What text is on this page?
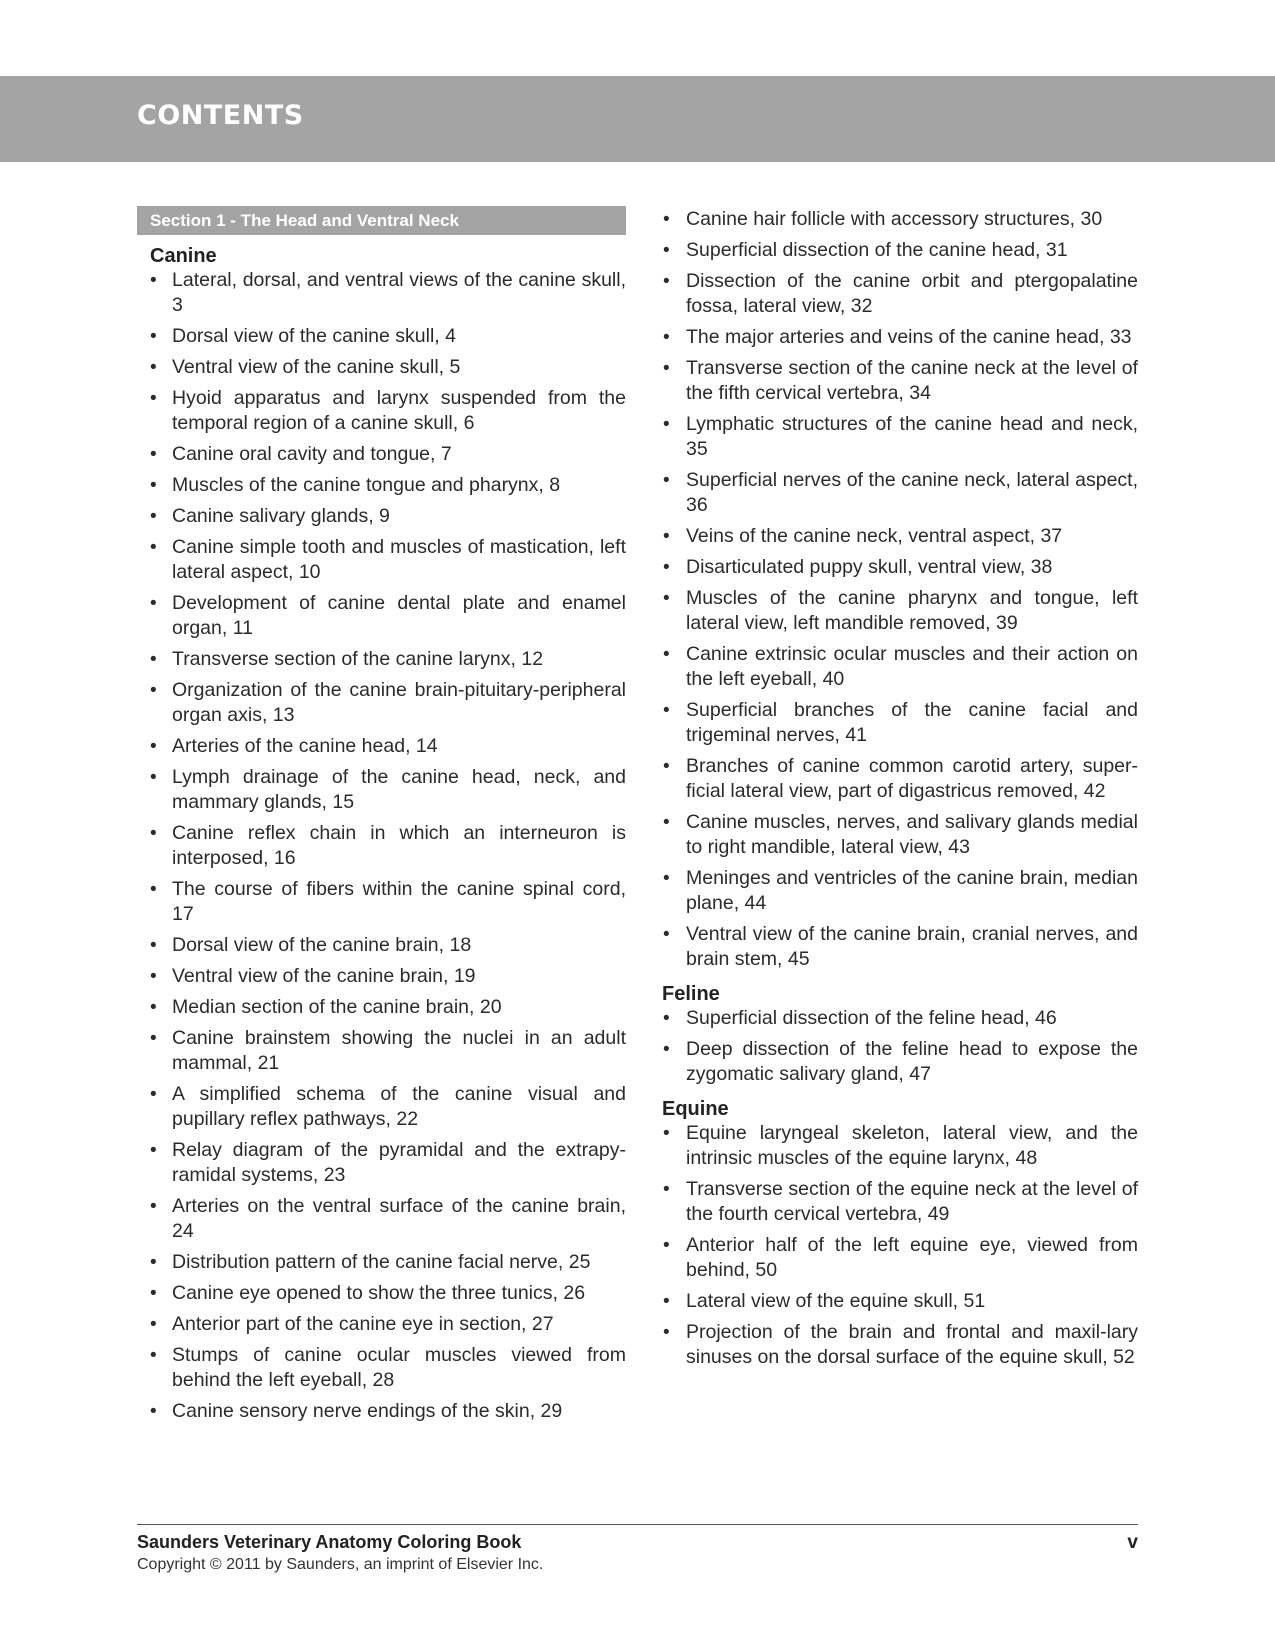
CONTENTS
Section 1 - The Head and Ventral Neck
Canine
• Lateral, dorsal, and ventral views of the canine skull, 3
• Dorsal view of the canine skull, 4
• Ventral view of the canine skull, 5
• Hyoid apparatus and larynx suspended from the temporal region of a canine skull, 6
• Canine oral cavity and tongue, 7
• Muscles of the canine tongue and pharynx, 8
• Canine salivary glands, 9
• Canine simple tooth and muscles of mastication, left lateral aspect, 10
• Development of canine dental plate and enamel organ, 11
• Transverse section of the canine larynx, 12
• Organization of the canine brain-pituitary-peripheral organ axis, 13
• Arteries of the canine head, 14
• Lymph drainage of the canine head, neck, and mammary glands, 15
• Canine reflex chain in which an interneuron is interposed, 16
• The course of fibers within the canine spinal cord, 17
• Dorsal view of the canine brain, 18
• Ventral view of the canine brain, 19
• Median section of the canine brain, 20
• Canine brainstem showing the nuclei in an adult mammal, 21
• A simplified schema of the canine visual and pupillary reflex pathways, 22
• Relay diagram of the pyramidal and the extrapy-ramidal systems, 23
• Arteries on the ventral surface of the canine brain, 24
• Distribution pattern of the canine facial nerve, 25
• Canine eye opened to show the three tunics, 26
• Anterior part of the canine eye in section, 27
• Stumps of canine ocular muscles viewed from behind the left eyeball, 28
• Canine sensory nerve endings of the skin, 29
• Canine hair follicle with accessory structures, 30
• Superficial dissection of the canine head, 31
• Dissection of the canine orbit and ptergopalatine fossa, lateral view, 32
• The major arteries and veins of the canine head, 33
• Transverse section of the canine neck at the level of the fifth cervical vertebra, 34
• Lymphatic structures of the canine head and neck, 35
• Superficial nerves of the canine neck, lateral aspect, 36
• Veins of the canine neck, ventral aspect, 37
• Disarticulated puppy skull, ventral view, 38
• Muscles of the canine pharynx and tongue, left lateral view, left mandible removed, 39
• Canine extrinsic ocular muscles and their action on the left eyeball, 40
• Superficial branches of the canine facial and trigeminal nerves, 41
• Branches of canine common carotid artery, super-ficial lateral view, part of digastricus removed, 42
• Canine muscles, nerves, and salivary glands medial to right mandible, lateral view, 43
• Meninges and ventricles of the canine brain, median plane, 44
• Ventral view of the canine brain, cranial nerves, and brain stem, 45
Feline
• Superficial dissection of the feline head, 46
• Deep dissection of the feline head to expose the zygomatic salivary gland, 47
Equine
• Equine laryngeal skeleton, lateral view, and the intrinsic muscles of the equine larynx, 48
• Transverse section of the equine neck at the level of the fourth cervical vertebra, 49
• Anterior half of the left equine eye, viewed from behind, 50
• Lateral view of the equine skull, 51
• Projection of the brain and frontal and maxil-lary sinuses on the dorsal surface of the equine skull, 52
Saunders Veterinary Anatomy Coloring Book
Copyright © 2011 by Saunders, an imprint of Elsevier Inc.
v
